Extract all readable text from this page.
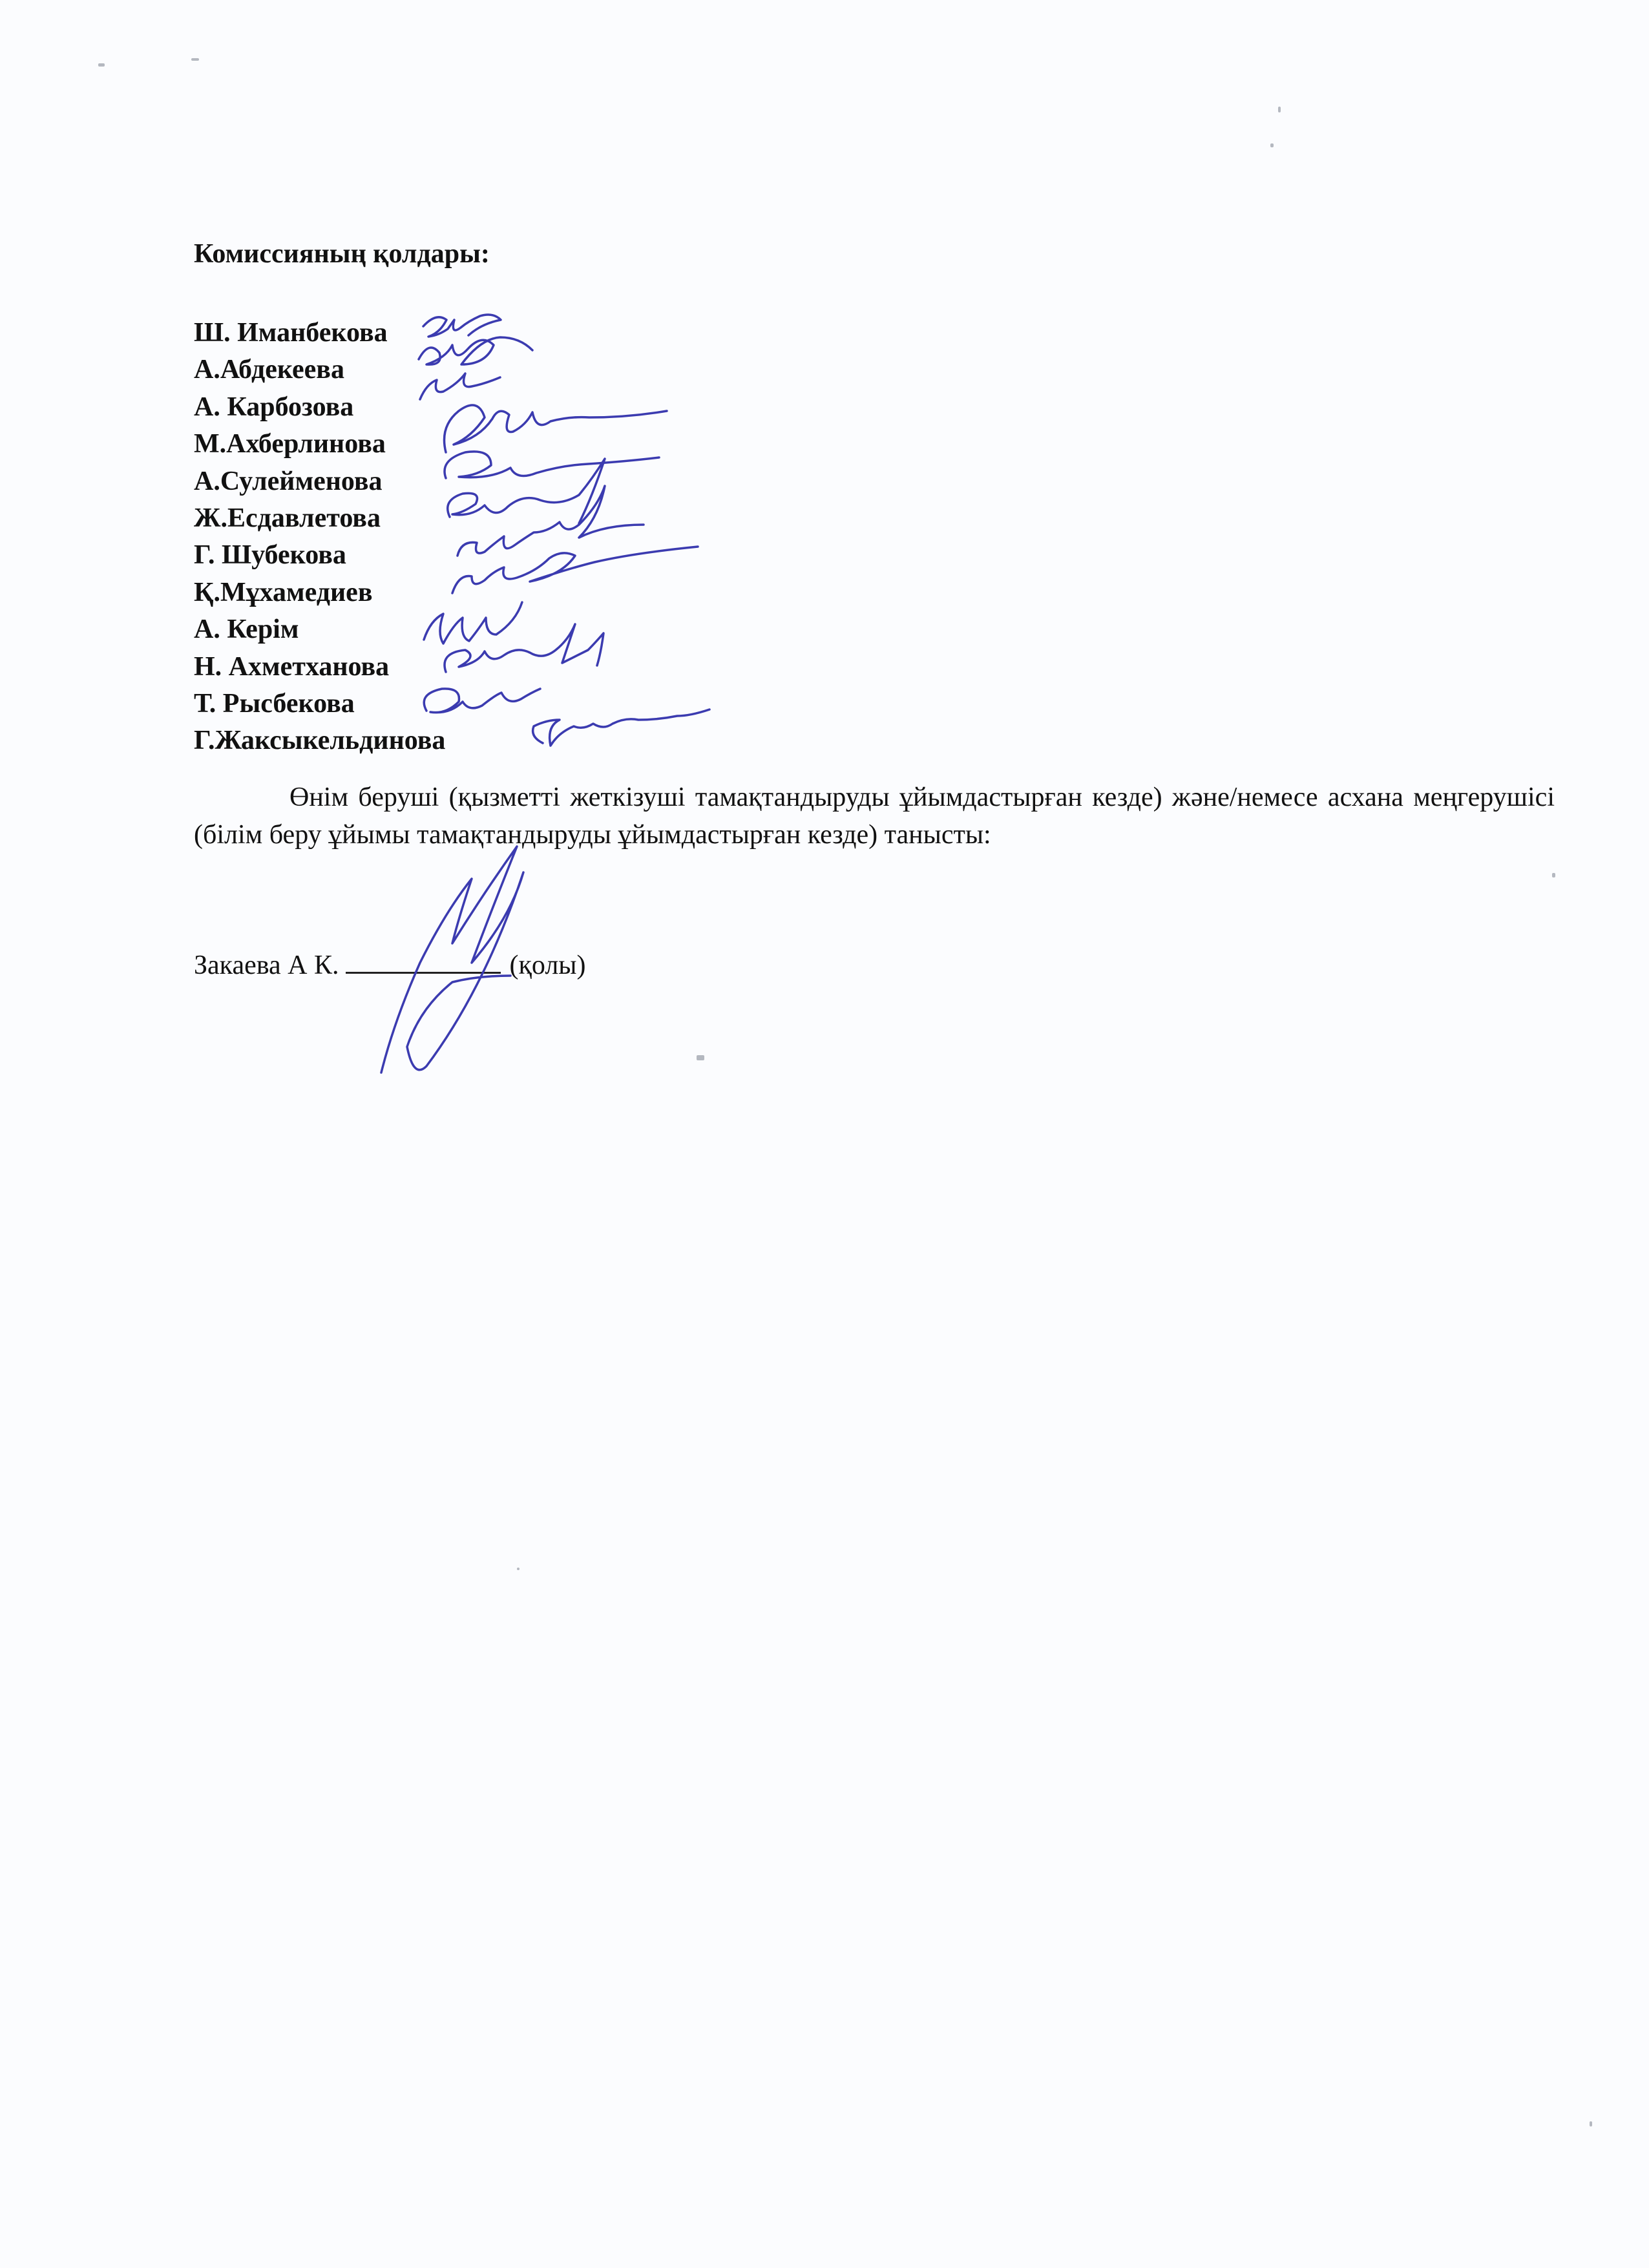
Комиссияның қолдары:
Ш. Иманбекова
А.Абдекеева
А. Карбозова
М.Ахберлинова
А.Сулейменова
Ж.Есдавлетова
Г. Шубекова
Қ.Мұхамедиев
А. Керім
Н. Ахметханова
Т. Рысбекова
Г.Жаксыкельдинова

Өнім беруші (қызметті жеткізуші тамақтандыруды ұйымдастырған кезде) және/немесе асхана меңгерушісі (білім беру ұйымы тамақтандыруды ұйымдастырған кезде) танысты:

Закаева А К.	(қолы)
